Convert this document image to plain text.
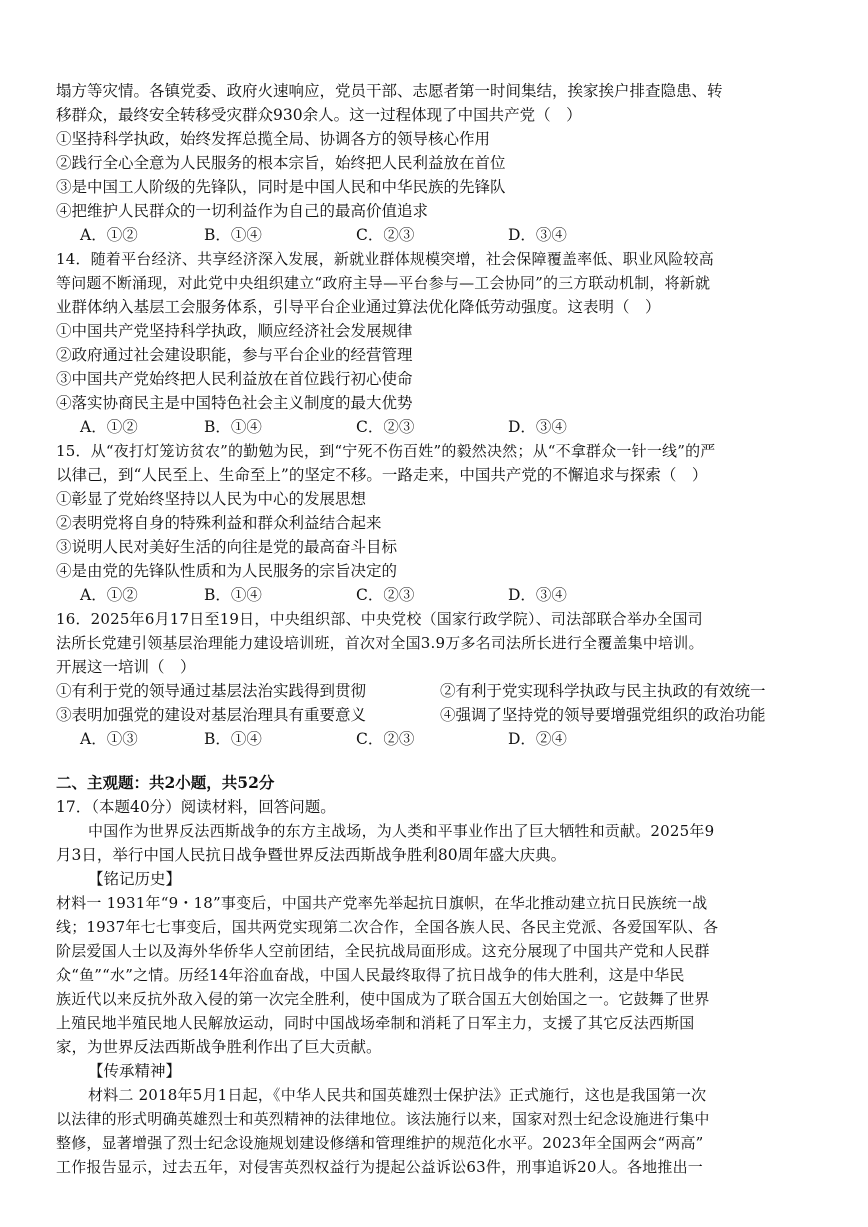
塌方等灾情。各镇党委、政府火速响应，党员干部、志愿者第一时间集结，挨家挨户排查隐患、转
移群众，最终安全转移受灾群众930余人。这一过程体现了中国共产党（　）
①坚持科学执政，始终发挥总揽全局、协调各方的领导核心作用
②践行全心全意为人民服务的根本宗旨，始终把人民利益放在首位
③是中国工人阶级的先锋队，同时是中国人民和中华民族的先锋队
④把维护人民群众的一切利益作为自己的最高价值追求
A．①②	B．①④	C．②③	D．③④
14．随着平台经济、共享经济深入发展，新就业群体规模突增，社会保障覆盖率低、职业风险较高
等问题不断涌现，对此党中央组织建立“政府主导—平台参与—工会协同”的三方联动机制，将新就
业群体纳入基层工会服务体系，引导平台企业通过算法优化降低劳动强度。这表明（　）
①中国共产党坚持科学执政，顺应经济社会发展规律
②政府通过社会建设职能，参与平台企业的经营管理
③中国共产党始终把人民利益放在首位践行初心使命
④落实协商民主是中国特色社会主义制度的最大优势
A．①②	B．①④	C．②③	D．③④
15．从“夜打灯笼访贫农”的勤勉为民，到“宁死不伤百姓”的毅然决然；从“不拿群众一针一线”的严
以律己，到“人民至上、生命至上”的坚定不移。一路走来，中国共产党的不懈追求与探索（　）
①彰显了党始终坚持以人民为中心的发展思想
②表明党将自身的特殊利益和群众利益结合起来
③说明人民对美好生活的向往是党的最高奋斗目标
④是由党的先锋队性质和为人民服务的宗旨决定的
A．①②	B．①④	C．②③	D．③④
16．2025年6月17日至19日，中央组织部、中央党校（国家行政学院）、司法部联合举办全国司
法所长党建引领基层治理能力建设培训班，首次对全国3.9万多名司法所长进行全覆盖集中培训。
开展这一培训（　）
①有利于党的领导通过基层法治实践得到贯彻	②有利于党实现科学执政与民主执政的有效统一
③表明加强党的建设对基层治理具有重要意义	④强调了坚持党的领导要增强党组织的政治功能
A．①③	B．①④	C．②③	D．②④
二、主观题：共2小题，共52分
17．（本题40分）阅读材料，回答问题。
中国作为世界反法西斯战争的东方主战场，为人类和平事业作出了巨大牺牲和贡献。2025年9
月3日，举行中国人民抗日战争暨世界反法西斯战争胜利80周年盛大庆典。
【铭记历史】
材料一 1931年“9・18”事变后，中国共产党率先举起抗日旗帜，在华北推动建立抗日民族统一战
线；1937年七七事变后，国共两党实现第二次合作，全国各族人民、各民主党派、各爱国军队、各
阶层爱国人士以及海外华侨华人空前团结，全民抗战局面形成。这充分展现了中国共产党和人民群
众“鱼”“水”之情。历经14年浴血奋战，中国人民最终取得了抗日战争的伟大胜利，这是中华民
族近代以来反抗外敌入侵的第一次完全胜利，使中国成为了联合国五大创始国之一。它鼓舞了世界
上殖民地半殖民地人民解放运动，同时中国战场牵制和消耗了日军主力，支援了其它反法西斯国
家，为世界反法西斯战争胜利作出了巨大贡献。
【传承精神】
材料二 2018年5月1日起，《中华人民共和国英雄烈士保护法》正式施行，这也是我国第一次
以法律的形式明确英雄烈士和英烈精神的法律地位。该法施行以来，国家对烈士纪念设施进行集中
整修，显著增强了烈士纪念设施规划建设修缮和管理维护的规范化水平。2023年全国两会“两高”
工作报告显示，过去五年，对侵害英烈权益行为提起公益诉讼63件，刑事追诉20人。各地推出一
